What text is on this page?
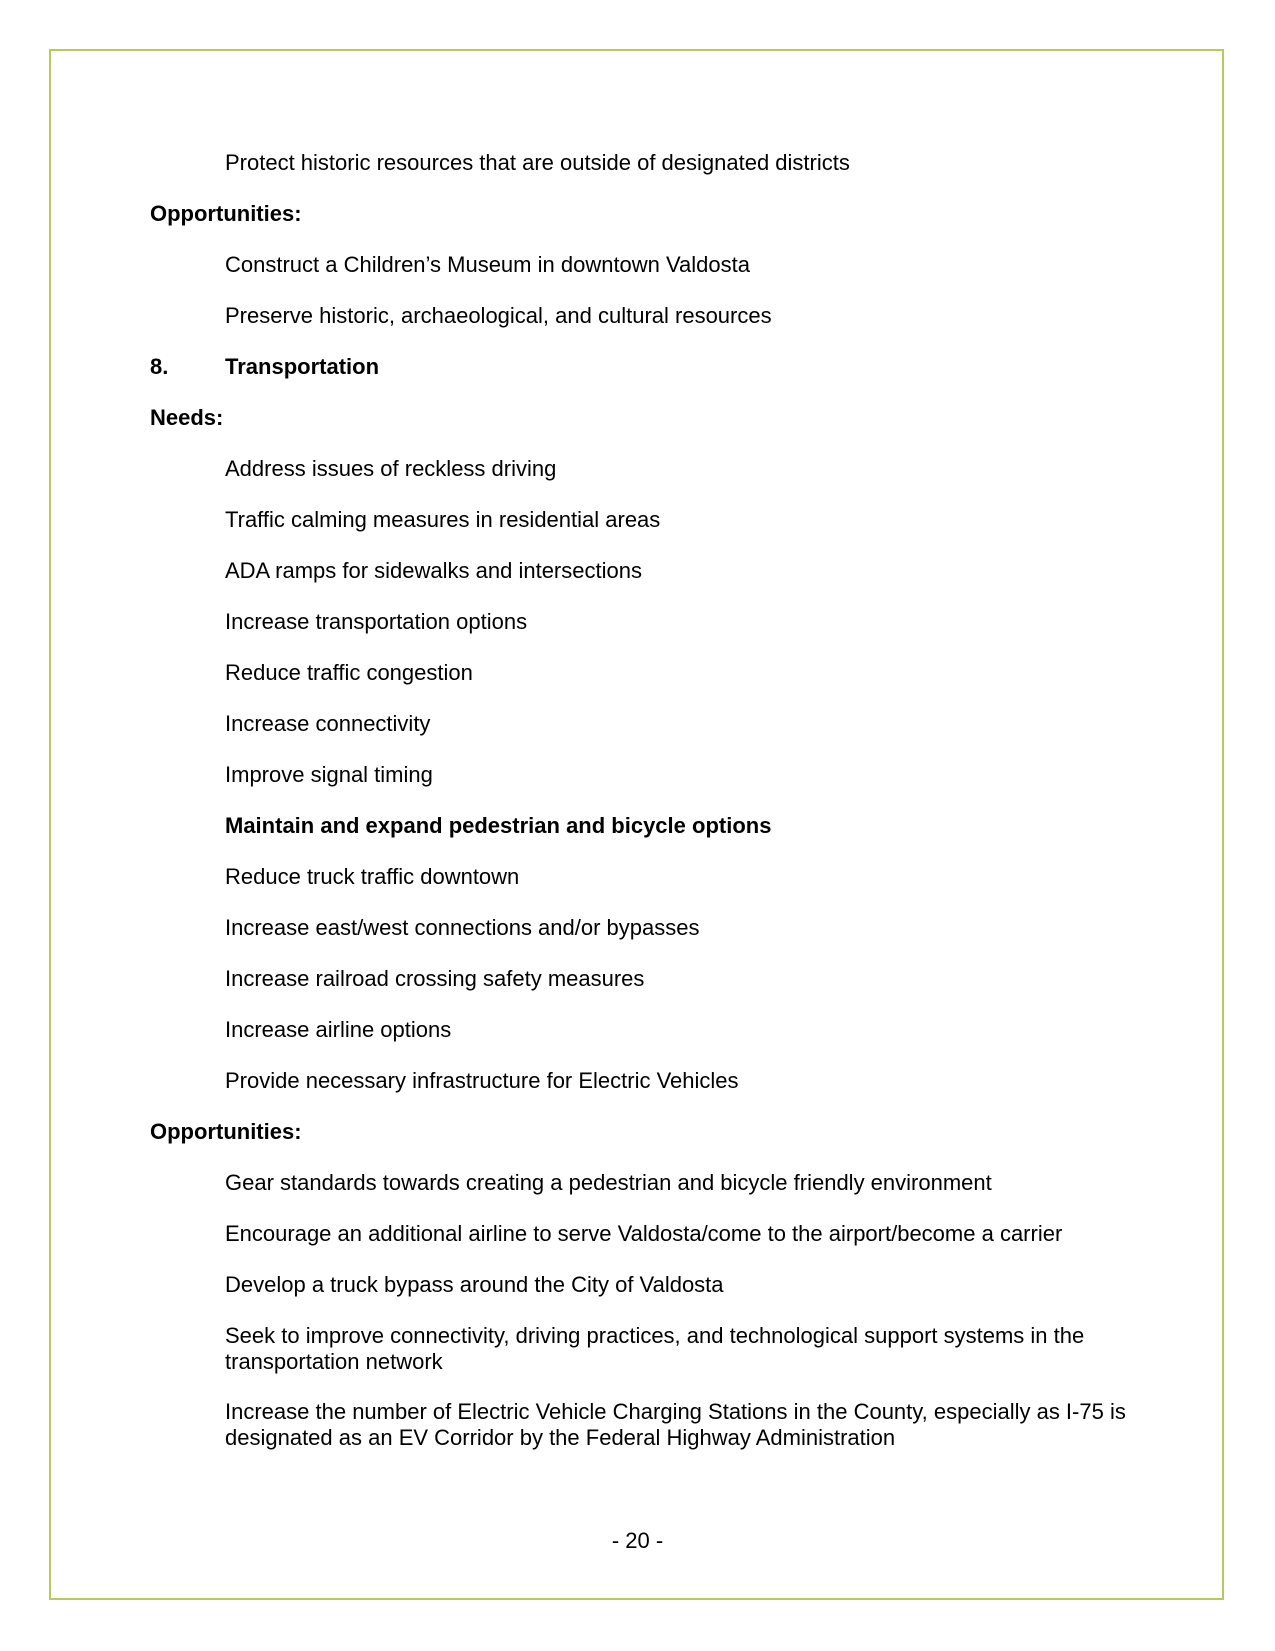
Protect historic resources that are outside of designated districts
Opportunities:
Construct a Children’s Museum in downtown Valdosta
Preserve historic, archaeological, and cultural resources
8.	Transportation
Needs:
Address issues of reckless driving
Traffic calming measures in residential areas
ADA ramps for sidewalks and intersections
Increase transportation options
Reduce traffic congestion
Increase connectivity
Improve signal timing
Maintain and expand pedestrian and bicycle options
Reduce truck traffic downtown
Increase east/west connections and/or bypasses
Increase railroad crossing safety measures
Increase airline options
Provide necessary infrastructure for Electric Vehicles
Opportunities:
Gear standards towards creating a pedestrian and bicycle friendly environment
Encourage an additional airline to serve Valdosta/come to the airport/become a carrier
Develop a truck bypass around the City of Valdosta
Seek to improve connectivity, driving practices, and technological support systems in the transportation network
Increase the number of Electric Vehicle Charging Stations in the County, especially as I-75 is designated as an EV Corridor by the Federal Highway Administration
- 20 -
